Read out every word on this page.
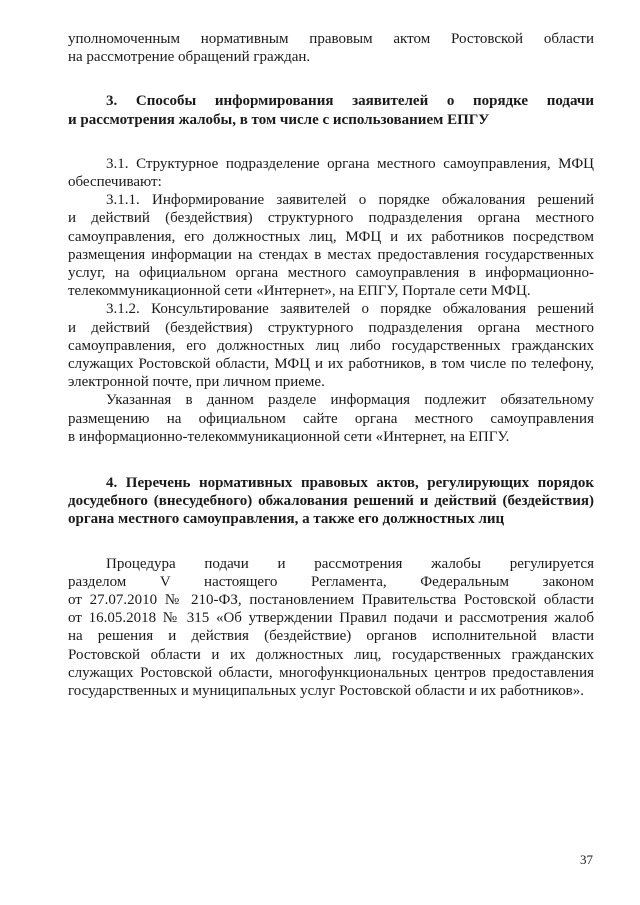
уполномоченным нормативным правовым актом Ростовской области
на рассмотрение обращений граждан.
3. Способы информирования заявителей о порядке подачи
и рассмотрения жалобы, в том числе с использованием ЕПГУ
3.1. Структурное подразделение органа местного самоуправления, МФЦ
обеспечивают:
3.1.1. Информирование заявителей о порядке обжалования решений
и действий (бездействия) структурного подразделения органа местного
самоуправления, его должностных лиц, МФЦ и их работников посредством
размещения информации на стендах в местах предоставления государственных
услуг, на официальном органа местного самоуправления в информационно-
телекоммуникационной сети «Интернет», на ЕПГУ, Портале сети МФЦ.
3.1.2. Консультирование заявителей о порядке обжалования решений
и действий (бездействия) структурного подразделения органа местного
самоуправления, его должностных лиц либо государственных гражданских
служащих Ростовской области, МФЦ и их работников, в том числе по телефону,
электронной почте, при личном приеме.
Указанная в данном разделе информация подлежит обязательному
размещению на официальном сайте органа местного самоуправления
в информационно-телекоммуникационной сети «Интернет, на ЕПГУ.
4. Перечень нормативных правовых актов, регулирующих порядок
досудебного (внесудебного) обжалования решений и действий (бездействия)
органа местного самоуправления, а также его должностных лиц
Процедура подачи и рассмотрения жалобы регулируется
разделом V настоящего Регламента, Федеральным законом
от 27.07.2010 № 210-ФЗ, постановлением Правительства Ростовской области
от 16.05.2018 № 315 «Об утверждении Правил подачи и рассмотрения жалоб
на решения и действия (бездействие) органов исполнительной власти
Ростовской области и их должностных лиц, государственных гражданских
служащих Ростовской области, многофункциональных центров предоставления
государственных и муниципальных услуг Ростовской области и их работников».
37
